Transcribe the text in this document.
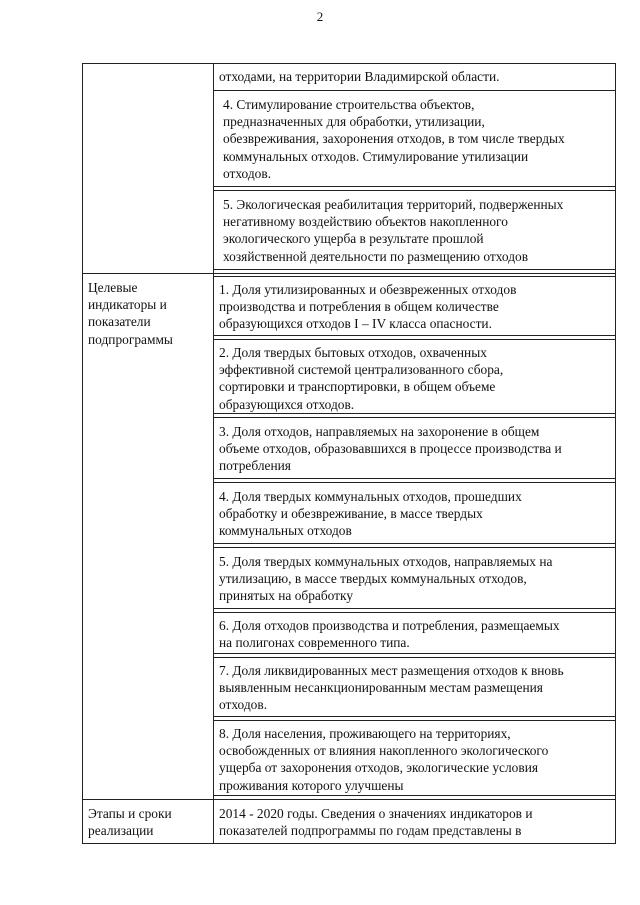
2
отходами, на территории Владимирской области.
4. Стимулирование строительства объектов,
предназначенных для обработки, утилизации,
обезвреживания, захоронения отходов, в том числе твердых
коммунальных отходов. Стимулирование утилизации
отходов.
5. Экологическая реабилитация территорий, подверженных
негативному воздействию объектов накопленного
экологического ущерба в результате прошлой
хозяйственной деятельности по размещению отходов
Целевые
индикаторы и
показатели
подпрограммы
1. Доля утилизированных и обезвреженных отходов
производства и потребления в общем количестве
образующихся отходов I – IV класса опасности.
2. Доля твердых бытовых отходов, охваченных
эффективной системой централизованного сбора,
сортировки и транспортировки, в общем объеме
образующихся отходов.
3. Доля отходов, направляемых на захоронение в общем
объеме отходов, образовавшихся в процессе производства и
потребления
4. Доля твердых коммунальных отходов, прошедших
обработку и обезвреживание, в массе твердых
коммунальных отходов
5. Доля твердых коммунальных отходов, направляемых на
утилизацию, в массе твердых коммунальных отходов,
принятых на обработку
6. Доля отходов производства и потребления, размещаемых
на полигонах современного типа.
7. Доля ликвидированных мест размещения отходов к вновь
выявленным несанкционированным местам размещения
отходов.
8. Доля населения, проживающего на территориях,
освобожденных от влияния накопленного экологического
ущерба от захоронения отходов, экологические условия
проживания которого улучшены
Этапы и сроки
реализации
2014 - 2020 годы. Сведения о значениях индикаторов и
показателей подпрограммы по годам представлены в
